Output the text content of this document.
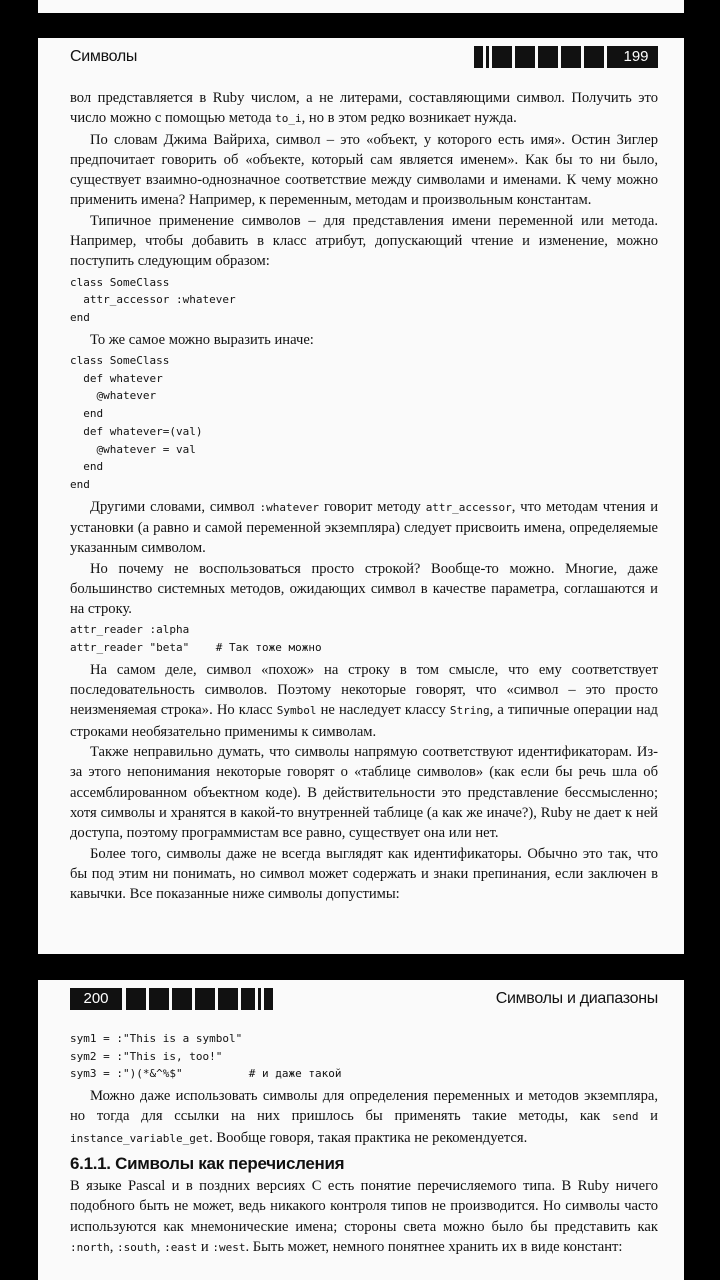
Символы	199

вол представляется в Ruby числом, а не литерами, составляющими символ. Получить это число можно с помощью метода to_i, но в этом редко возникает нужда.

По словам Джима Вайриха, символ – это «объект, у которого есть имя». Остин Зиглер предпочитает говорить об «объекте, который сам является именем». Как бы то ни было, существует взаимно-однозначное соответствие между символами и именами. К чему можно применить имена? Например, к переменным, методам и произвольным константам.

Типичное применение символов – для представления имени переменной или метода. Например, чтобы добавить в класс атрибут, допускающий чтение и изменение, можно поступить следующим образом:

class SomeClass
attr_accessor :whatever
end

То же самое можно выразить иначе:

class SomeClass
def whatever
@whatever
end
def whatever=(val)
@whatever = val
end
end

Другими словами, символ :whatever говорит методу attr_accessor, что методам чтения и установки (а равно и самой переменной экземпляра) следует присвоить имена, определяемые указанным символом.

Но почему не воспользоваться просто строкой? Вообще-то можно. Многие, даже большинство системных методов, ожидающих символ в качестве параметра, соглашаются и на строку.

attr_reader :alpha
attr_reader "beta"    # Так тоже можно

На самом деле, символ «похож» на строку в том смысле, что ему соответствует последовательность символов. Поэтому некоторые говорят, что «символ – это просто неизменяемая строка». Но класс Symbol не наследует классу String, а типичные операции над строками необязательно применимы к символам.

Также неправильно думать, что символы напрямую соответствуют идентификаторам. Из-за этого непонимания некоторые говорят о «таблице символов» (как если бы речь шла об ассемблированном объектном коде). В действительности это представление бессмысленно; хотя символы и хранятся в какой-то внутренней таблице (а как же иначе?), Ruby не дает к ней доступа, поэтому программистам все равно, существует она или нет.

Более того, символы даже не всегда выглядят как идентификаторы. Обычно это так, что бы под этим ни понимать, но символ может содержать и знаки препинания, если заключен в кавычки. Все показанные ниже символы допустимы:

200	Символы и диапазоны
sym1 = :"This is a symbol"
sym2 = :"This is, too!"
sym3 = :")(*&^%$"          # и даже такой

Можно даже использовать символы для определения переменных и методов экземпляра, но тогда для ссылки на них пришлось бы применять такие методы, как send и instance_variable_get. Вообще говоря, такая практика не рекомендуется.

6.1.1. Символы как перечисления

В языке Pascal и в поздних версиях C есть понятие перечисляемого типа. В Ruby ничего подобного быть не может, ведь никакого контроля типов не производится. Но символы часто используются как мнемонические имена; стороны света можно было бы представить как :north, :south, :east и :west. Быть может, немного понятнее хранить их в виде констант:
